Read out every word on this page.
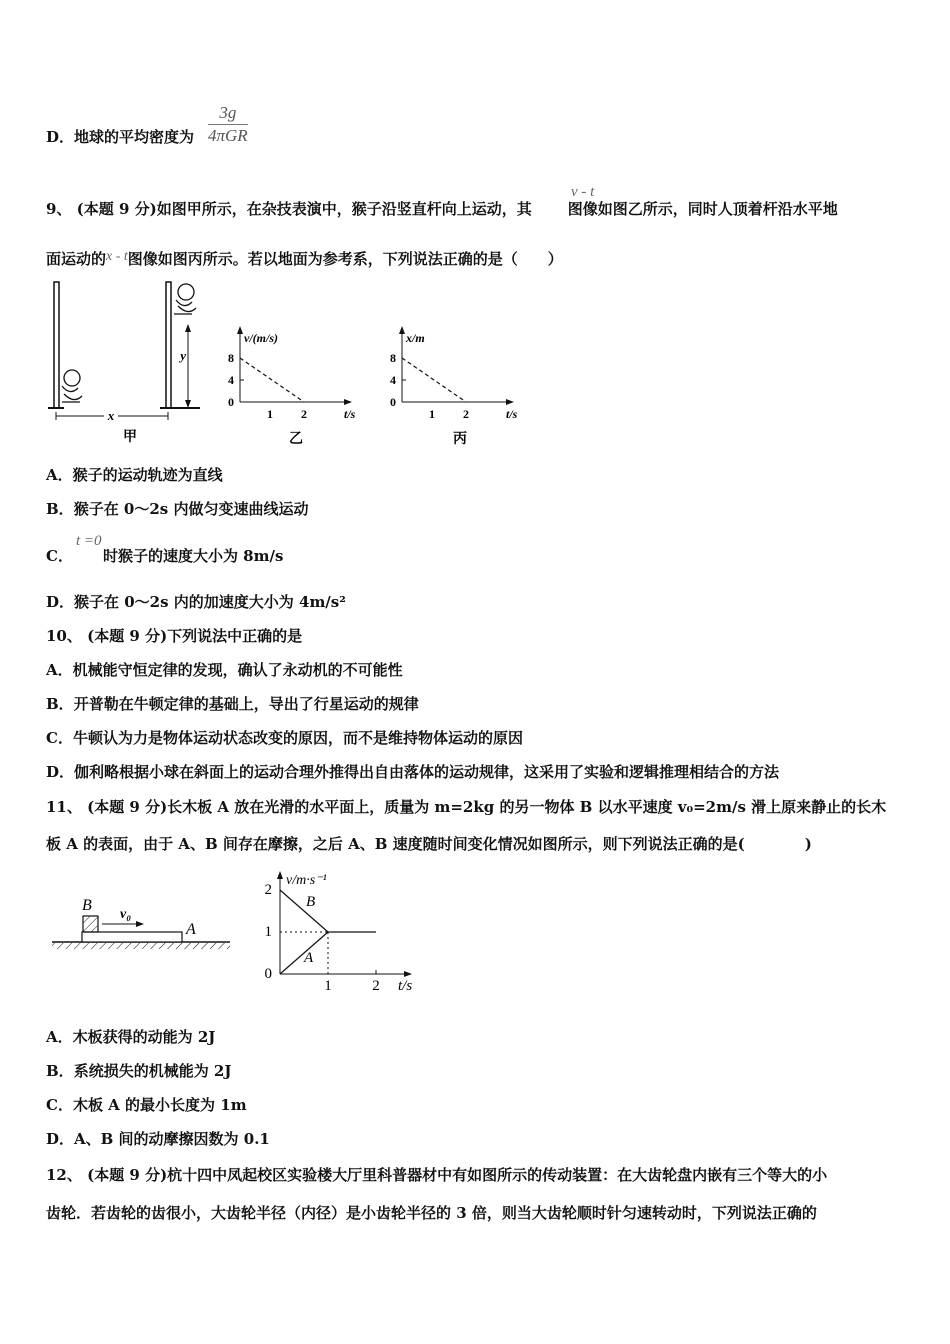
D．地球的平均密度为
3g
4πGR
9、 (本题 9 分)如图甲所示，在杂技表演中，猴子沿竖直杆向上运动，其 图像如图乙所示，同时人顶着杆沿水平地
v - t
面运动的x - t图像如图丙所示。若以地面为参考系，下列说法正确的是（　　）
y
x
甲
v/(m/s)
t/s
8
4
0
1 2
乙
x/m
t/s
8
4
0
1 2
丙
A．猴子的运动轨迹为直线
B．猴子在 0～2s 内做匀变速曲线运动
C． 时猴子的速度大小为 8m/s
t =0
D．猴子在 0～2s 内的加速度大小为 4m/s²
10、 (本题 9 分)下列说法中正确的是
A．机械能守恒定律的发现，确认了永动机的不可能性
B．开普勒在牛顿定律的基础上，导出了行星运动的规律
C．牛顿认为力是物体运动状态改变的原因，而不是维持物体运动的原因
D．伽利略根据小球在斜面上的运动合理外推得出自由落体的运动规律，这采用了实验和逻辑推理相结合的方法
11、 (本题 9 分)长木板 A 放在光滑的水平面上，质量为 m=2kg 的另一物体 B 以水平速度 v₀=2m/s 滑上原来静止的长木
板 A 的表面，由于 A、B 间存在摩擦，之后 A、B 速度随时间变化情况如图所示，则下列说法正确的是(　　　　)
B
v₀
A
v/m·s⁻¹
t/s
2
1
0
1	2
B
A
A．木板获得的动能为 2J
B．系统损失的机械能为 2J
C．木板 A 的最小长度为 1m
D．A、B 间的动摩擦因数为 0.1
12、 (本题 9 分)杭十四中凤起校区实验楼大厅里科普器材中有如图所示的传动装置：在大齿轮盘内嵌有三个等大的小
齿轮．若齿轮的齿很小，大齿轮半径（内径）是小齿轮半径的 3 倍，则当大齿轮顺时针匀速转动时，下列说法正确的
